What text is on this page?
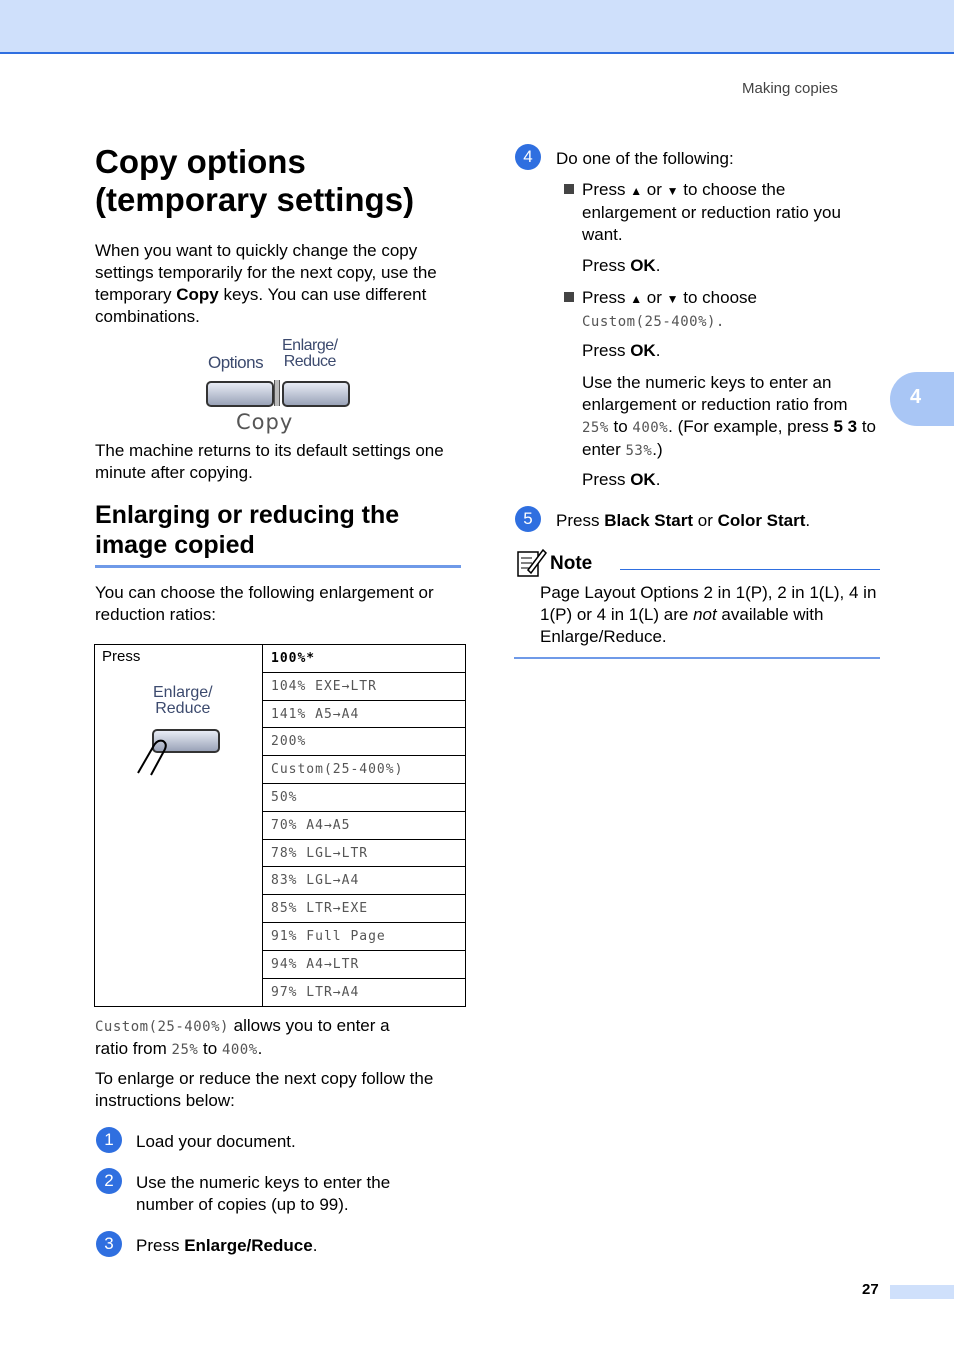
Making copies
4
Copy options
(temporary settings)

When you want to quickly change the copy settings temporarily for the next copy, use the temporary Copy keys. You can use different combinations.

Options
Enlarge/
Reduce
Copy

The machine returns to its default settings one minute after copying.

Enlarging or reducing the
image copied

You can choose the following enlargement or reduction ratios:

Press
Enlarge/
Reduce
100%*
104% EXE→LTR
141% A5→A4
200%
Custom(25-400%)
50%
70% A4→A5
78% LGL→LTR
83% LGL→A4
85% LTR→EXE
91% Full Page
94% A4→LTR
97% LTR→A4

Custom(25-400%) allows you to enter a
ratio from 25% to 400%.

To enlarge or reduce the next copy follow the instructions below:

1	Load your document.
2	Use the numeric keys to enter the number of copies (up to 99).
3	Press Enlarge/Reduce.
4	Do one of the following:
Press ▲ or ▼ to choose the enlargement or reduction ratio you want.
Press OK.
Press ▲ or ▼ to choose
Custom(25-400%).
Press OK.
Use the numeric keys to enter an enlargement or reduction ratio from 25% to 400%. (For example, press 5 3 to enter 53%.)
Press OK.
5	Press Black Start or Color Start.
Note

Page Layout Options 2 in 1(P), 2 in 1(L), 4 in 1(P) or 4 in 1(L) are not available with Enlarge/Reduce.

27
